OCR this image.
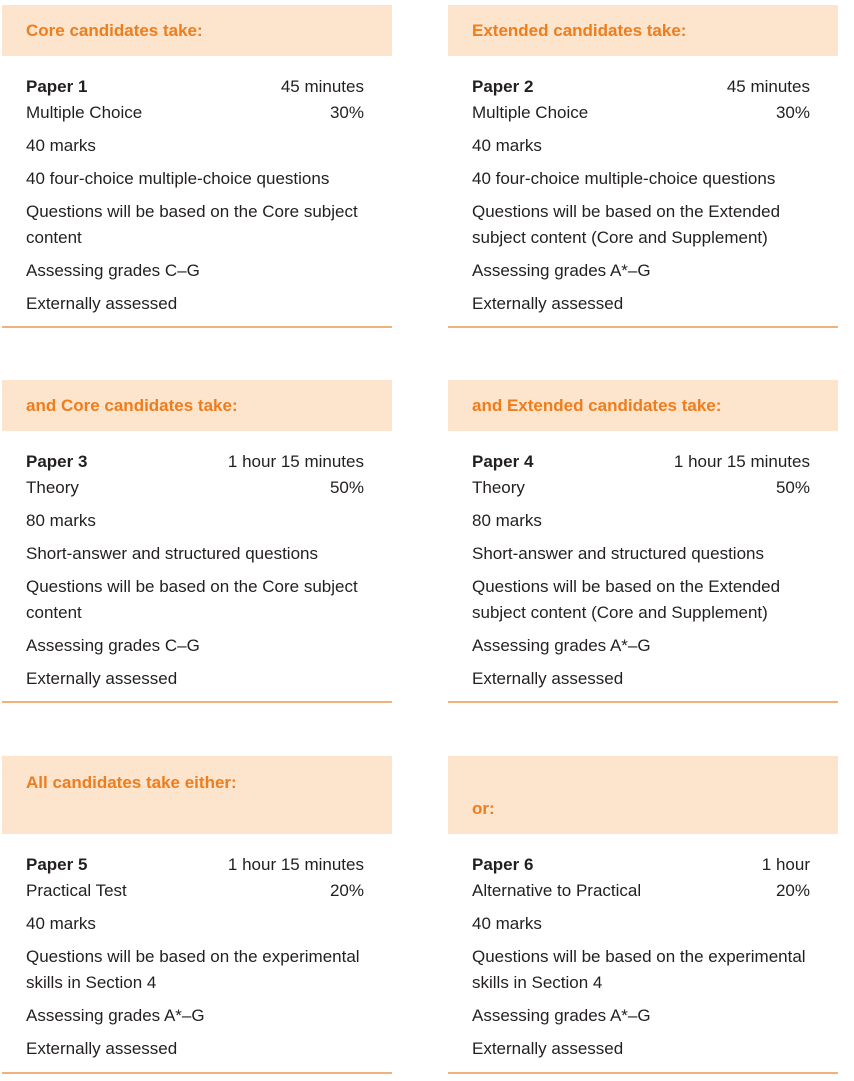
Core candidates take:
Paper 1	45 minutes
Multiple Choice	30%
40 marks
40 four-choice multiple-choice questions
Questions will be based on the Core subject content
Assessing grades C–G
Externally assessed
Extended candidates take:
Paper 2	45 minutes
Multiple Choice	30%
40 marks
40 four-choice multiple-choice questions
Questions will be based on the Extended subject content (Core and Supplement)
Assessing grades A*–G
Externally assessed
and Core candidates take:
Paper 3	1 hour 15 minutes
Theory	50%
80 marks
Short-answer and structured questions
Questions will be based on the Core subject content
Assessing grades C–G
Externally assessed
and Extended candidates take:
Paper 4	1 hour 15 minutes
Theory	50%
80 marks
Short-answer and structured questions
Questions will be based on the Extended subject content (Core and Supplement)
Assessing grades A*–G
Externally assessed
All candidates take either:
Paper 5	1 hour 15 minutes
Practical Test	20%
40 marks
Questions will be based on the experimental skills in Section 4
Assessing grades A*–G
Externally assessed
or:
Paper 6	1 hour
Alternative to Practical	20%
40 marks
Questions will be based on the experimental skills in Section 4
Assessing grades A*–G
Externally assessed
